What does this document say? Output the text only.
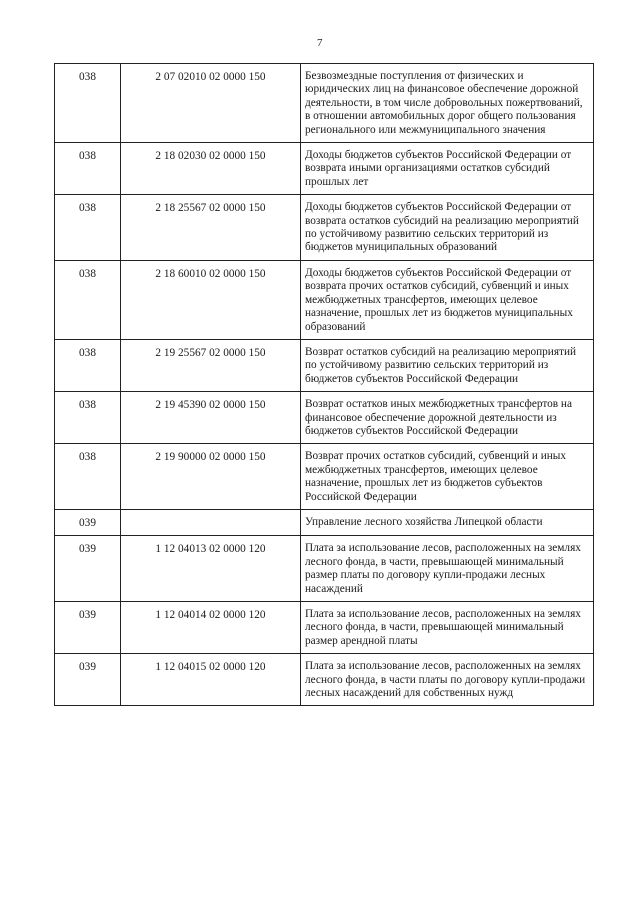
7
038	2 07 02010 02 0000 150	Безвозмездные поступления от физических и юридических лиц на финансовое обеспечение дорожной деятельности, в том числе добровольных пожертвований, в отношении автомобильных дорог общего пользования регионального или межмуниципального значения
038	2 18 02030 02 0000 150	Доходы бюджетов субъектов Российской Федерации от возврата иными организациями остатков субсидий прошлых лет
038	2 18 25567 02 0000 150	Доходы бюджетов субъектов Российской Федерации от возврата остатков субсидий на реализацию мероприятий по устойчивому развитию сельских территорий из бюджетов муниципальных образований
038	2 18 60010 02 0000 150	Доходы бюджетов субъектов Российской Федерации от возврата прочих остатков субсидий, субвенций и иных межбюджетных трансфертов, имеющих целевое назначение, прошлых лет из бюджетов муниципальных образований
038	2 19 25567 02 0000 150	Возврат остатков субсидий на реализацию мероприятий по устойчивому развитию сельских территорий из бюджетов субъектов Российской Федерации
038	2 19 45390 02 0000 150	Возврат остатков иных межбюджетных трансфертов на финансовое обеспечение дорожной деятельности из бюджетов субъектов Российской Федерации
038	2 19 90000 02 0000 150	Возврат прочих остатков субсидий, субвенций и иных межбюджетных трансфертов, имеющих целевое назначение, прошлых лет из бюджетов субъектов Российской Федерации
039		Управление лесного хозяйства Липецкой области
039	1 12 04013 02 0000 120	Плата за использование лесов, расположенных на землях лесного фонда, в части, превышающей минимальный размер платы по договору купли-продажи лесных насаждений
039	1 12 04014 02 0000 120	Плата за использование лесов, расположенных на землях лесного фонда, в части, превышающей минимальный размер арендной платы
039	1 12 04015 02 0000 120	Плата за использование лесов, расположенных на землях лесного фонда, в части платы по договору купли-продажи лесных насаждений для собственных нужд
